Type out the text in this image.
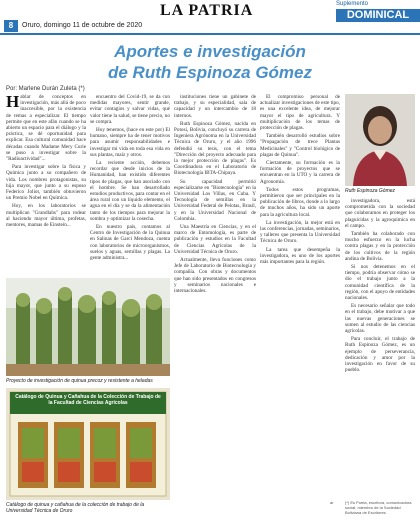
8	Oruro, domingo 11 de octubre de 2020
LA PATRIA	Suplemento
DOMINICAL
Aportes e investigación
de Ruth Espinoza Gómez
Por: Marlene Durán Zuleta (*)

Hablar de conceptos en investigación, más allá de poco inaccesible, por la existencia de temas a especializar. El tiempo permite que en este afán cuando se ha abierto un espacio para el diálogo y la práctica, se dé oportunidad para explicar. Esa cultural comunidad hace décadas cuando Madame Mery Curie se puso a investigar sobre la "Radioactividad"...

Para investigar sobre la física y Química junto a su compañero de vida. Los nombres protagonistas, su hija mayor, que junto a su esposo Federico Joliot, también obtuvieron un Premio Nobel en Química.

Hoy, en los laboratorios se multiplican "Grandlabs" para rodear al haciendo mayor última, profetas, mentores, mamas de Einstein...

encuentro del Covid-19, se da con medidas mayores, sentir grande, evitar contagios y salvar vidas, qué valor tiene la salud, se tiene precio, no se compra.

Hoy tenemos, (hace en este por) El humano, siempre ha de tener motivos para asumir responsabilidades e investigar mi vida en toda esa vida en sus plantas, maíz y otros.

La reciente acción, debemos recordar que desde inicios de la Humanidad, han existido diferentes tipos de plagas, que han asociado con el hombre. Se han desarrollado estudios productivos, para contar en el área rural con un líquido elemento, el agua en el día y se da la alimentación tanto de los tiempos para mejorar la sombra y optimizar la cosecha.

En nuestro país, contamos al Centro de Investigación de la Quinua en Salinas de Garci Mendoza, cuenta con laboratorios de microorganismos, suelos y aguas, semillas y plagas. La gente administra...

instituciones tiene un gabinete de trabajo, y su especialidad, sala de capacidad y un intercambio de 18 internos.

Ruth Espinoza Gómez, nacida en Potosí, Bolivia, concluyó su carrera de Ingeniera Agrónoma en la Universidad Técnica de Oruro, y el año 1996 defendió su tesis, con el tema "Dirección del proyecto adecuado para la mejor protección de plagas". Es Coordinadora en el Laboratorio de Biotecnología IBTA-Chipaya.

Su capacidad permitió especializarse en "Biotecnología" en la Universidad Los Villas, en Cuba. Y Tecnología de semillas en la Universidad Federal de Pelotas, Brasil, y en la Universidad Nacional de Colombia.

Una Maestría en Ciencias, y en el marco de Entomología, es parte de publicación y estudios en la Facultad de Ciencias Agrícolas de la Universidad Técnica de Oruro.

Actualmente, lleva funciones como Jefe de Laboratorio de Biotecnología y compañía. Con obras y documentos que han sido presentados en congresos y seminarios nacionales e internacionales.

El compromiso personal de actualizar investigaciones de este tipo, es una excelente idea, de mejorar mayor el tipo de agricultura. Y multiplicación de los temas de protección de plagas.

También desarrolló estudios sobre "Propagación de trece Plantas Medicinales" y "Control biológico de plagas de Quinua".

Ciertamente, su formación es la formación de proyectos que se encuentran en la UTO y la carrera de Agronomía.

Todos estos programas, permitieron que ser principales en la publicación de libros, donde a lo largo de muchos años, ha sido un aporte para la agricultura local.

La investigación, la mejor está en las conferencias, jornadas, seminarios, y talleres que presenta la Universidad Técnica de Oruro.

La tarea que desempeña la investigadora, es uno de los aportes más importantes para la región.

Ruth Espinoza Gómez

investigadora, está comprometida con la sociedad que colaboramos en proteger los plaguicidas y la agroquímica en el campo.

También ha colaborado con mucho esfuerzo en la lucha contra plagas y en la protección de los cultivos de la región andina de Bolivia.

Si nos detenemos en el tiempo, podría observar cómo se dio el trabajo junto a la comunidad científica de la región, con el apoyo de entidades nacionales.

Es necesario señalar que todo en el trabajo, debe motivar a que las nuevas generaciones se sumen al estudio de las ciencias agrícolas.

Para concluir, el trabajo de Ruth Espinoza Gómez, es un ejemplo de perseverancia, dedicación y amor por la investigación en favor de su pueblo.

Proyecto de investigación de quinua precoz y resistente a heladas
Catálogo de Quinua y Cañahua de la Colección de Trabajo de la Facultad de Ciencias Agrícolas
Catálogo de quinua y cañahua de la colección de trabajo de la Universidad Técnica de Oruro
(*) Es Poeta, escritora, comunicadora social, miembro de la Sociedad Boliviana de Escritores.
ar
